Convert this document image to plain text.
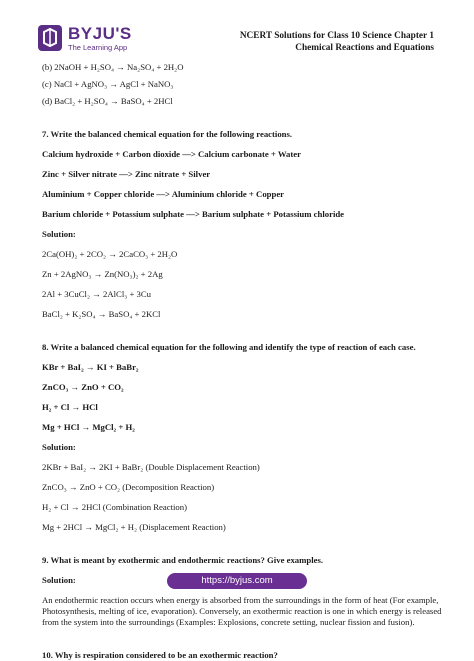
BYJU'S
The Learning App
NCERT Solutions for Class 10 Science Chapter 1
Chemical Reactions and Equations

(b) 2NaOH + H₂SO₄ → Na₂SO₄ + 2H₂O

(c) NaCl + AgNO₃ → AgCl + NaNO₃

(d) BaCl₂ + H₂SO₄ → BaSO₄ + 2HCl

7. Write the balanced chemical equation for the following reactions.

Calcium hydroxide + Carbon dioxide ––> Calcium carbonate + Water

Zinc + Silver nitrate ––> Zinc nitrate + Silver

Aluminium + Copper chloride ––> Aluminium chloride + Copper

Barium chloride + Potassium sulphate ––> Barium sulphate + Potassium chloride

Solution:

2Ca(OH)₂ + 2CO₂ → 2CaCO₃ + 2H₂O

Zn + 2AgNO₃ → Zn(NO₃)₂ + 2Ag

2Al + 3CuCl₂ → 2AlCl₃ + 3Cu

BaCl₂ + K₂SO₄ → BaSO₄ + 2KCl

8. Write a balanced chemical equation for the following and identify the type of reaction of each case.

KBr + BaI₂ → KI + BaBr₂

ZnCO₃ → ZnO + CO₂

H₂ + Cl → HCl

Mg + HCl → MgCl₂ + H₂

Solution:

2KBr + BaI₂ → 2KI + BaBr₂ (Double Displacement Reaction)

ZnCO₃ → ZnO + CO₂ (Decomposition Reaction)

H₂ + Cl → 2HCl (Combination Reaction)

Mg + 2HCl → MgCl₂ + H₂ (Displacement Reaction)

9. What is meant by exothermic and endothermic reactions? Give examples.

Solution:

An endothermic reaction occurs when energy is absorbed from the surroundings in the form of heat (For example, Photosynthesis, melting of ice, evaporation). Conversely, an exothermic reaction is one in which energy is released from the system into the surroundings (Examples: Explosions, concrete setting, nuclear fission and fusion).

10. Why is respiration considered to be an exothermic reaction?

https://byjus.com
